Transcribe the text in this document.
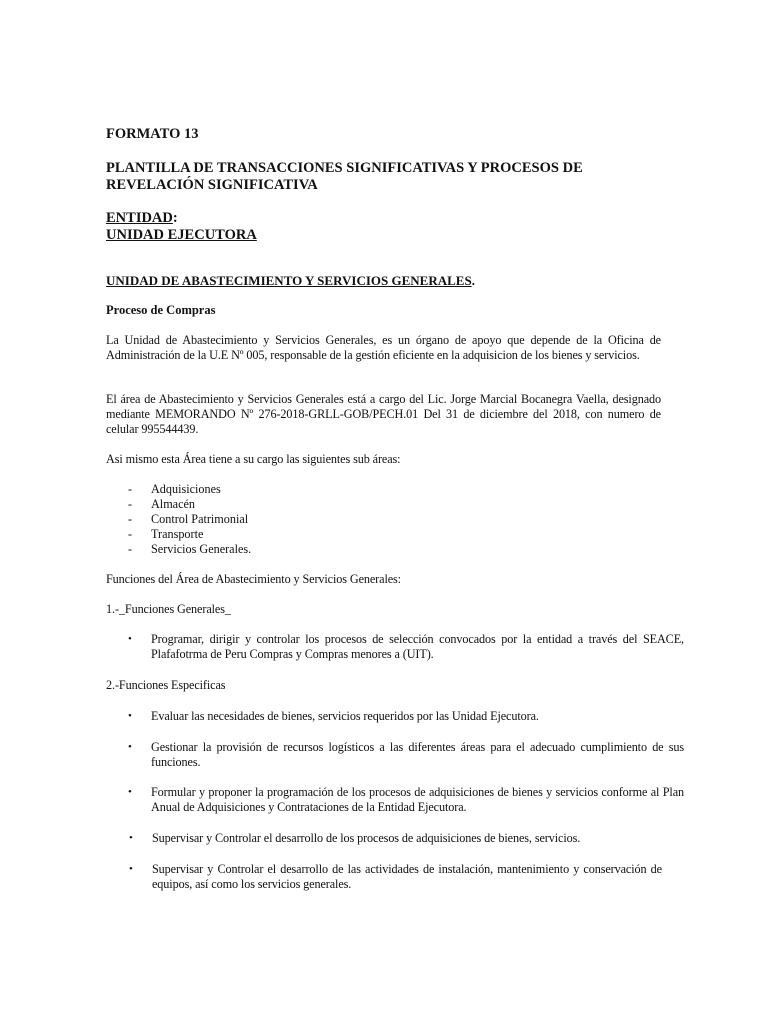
FORMATO 13
PLANTILLA DE TRANSACCIONES SIGNIFICATIVAS Y PROCESOS DE
REVELACIÓN SIGNIFICATIVA
ENTIDAD:
UNIDAD EJECUTORA
UNIDAD DE ABASTECIMIENTO Y SERVICIOS GENERALES.
Proceso de Compras

La Unidad de Abastecimiento y Servicios Generales, es un órgano de apoyo que depende de la Oficina de Administración de la U.E Nº 005, responsable de la gestión eficiente en la adquisicion de los bienes y servicios.

El área de Abastecimiento y Servicios Generales está a cargo del Lic. Jorge Marcial Bocanegra Vaella, designado mediante MEMORANDO Nº 276-2018-GRLL-GOB/PECH.01 Del 31 de diciembre del 2018, con numero de celular 995544439.

Asi mismo esta Área tiene a su cargo las siguientes sub áreas:

- Adquisiciones
- Almacén
- Control Patrimonial
- Transporte
- Servicios Generales.

Funciones del Área de Abastecimiento y Servicios Generales:

1.-_Funciones Generales_

• Programar, dirigir y controlar los procesos de selección convocados por la entidad a través del SEACE, Plafafotrma de Peru Compras y Compras menores a (UIT).

2.-Funciones Especificas

• Evaluar las necesidades de bienes, servicios requeridos por las Unidad Ejecutora.
• Gestionar la provisión de recursos logísticos a las diferentes áreas para el adecuado cumplimiento de sus funciones.
• Formular y proponer la programación de los procesos de adquisiciones de bienes y servicios conforme al Plan Anual de Adquisiciones y Contrataciones de la Entidad Ejecutora.
• Supervisar y Controlar el desarrollo de los procesos de adquisiciones de bienes, servicios.
• Supervisar y Controlar el desarrollo de las actividades de instalación, mantenimiento y conservación de equipos, así como los servicios generales.
